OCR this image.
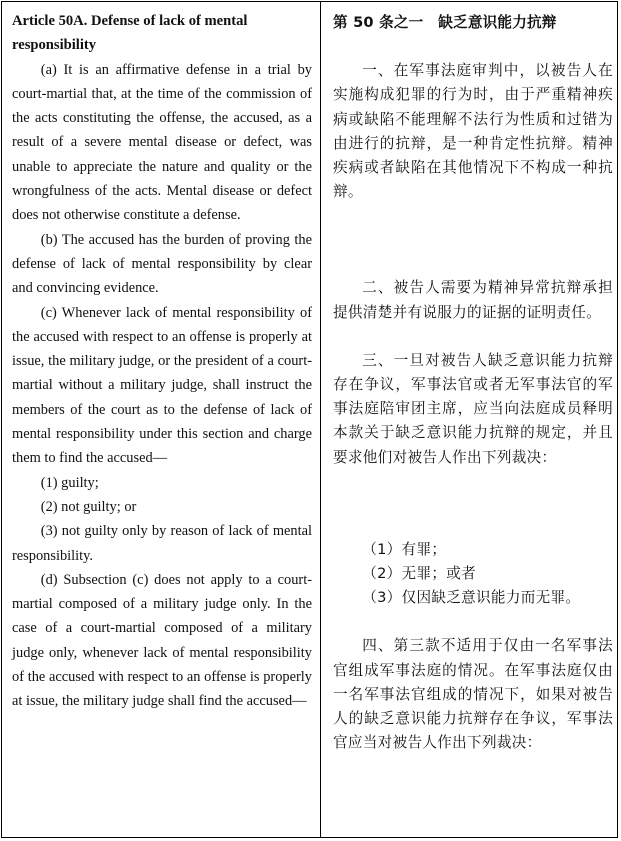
Article 50A. Defense of lack of mental responsibility

(a) It is an affirmative defense in a trial by court-martial that, at the time of the commission of the acts constituting the offense, the accused, as a result of a severe mental disease or defect, was unable to appreciate the nature and quality or the wrongfulness of the acts. Mental disease or defect does not otherwise constitute a defense.

(b) The accused has the burden of proving the defense of lack of mental responsibility by clear and convincing evidence.

(c) Whenever lack of mental responsibility of the accused with respect to an offense is properly at issue, the military judge, or the president of a court-martial without a military judge, shall instruct the members of the court as to the defense of lack of mental responsibility under this section and charge them to find the accused—

(1) guilty;

(2) not guilty; or

(3) not guilty only by reason of lack of mental responsibility.

(d) Subsection (c) does not apply to a court-martial composed of a military judge only. In the case of a court-martial composed of a military judge only, whenever lack of mental responsibility of the accused with respect to an offense is properly at issue, the military judge shall find the accused—

第 50 条之一　缺乏意识能力抗辩

一、在军事法庭审判中，以被告人在实施构成犯罪的行为时，由于严重精神疾病或缺陷不能理解不法行为性质和过错为由进行的抗辩，是一种肯定性抗辩。精神疾病或者缺陷在其他情况下不构成一种抗辩。

二、被告人需要为精神异常抗辩承担提供清楚并有说服力的证据的证明责任。

三、一旦对被告人缺乏意识能力抗辩存在争议，军事法官或者无军事法官的军事法庭陪审团主席，应当向法庭成员释明本款关于缺乏意识能力抗辩的规定，并且要求他们对被告人作出下列裁决：

（1）有罪；

（2）无罪；或者

（3）仅因缺乏意识能力而无罪。

四、第三款不适用于仅由一名军事法官组成军事法庭的情况。在军事法庭仅由一名军事法官组成的情况下，如果对被告人的缺乏意识能力抗辩存在争议，军事法官应当对被告人作出下列裁决：
